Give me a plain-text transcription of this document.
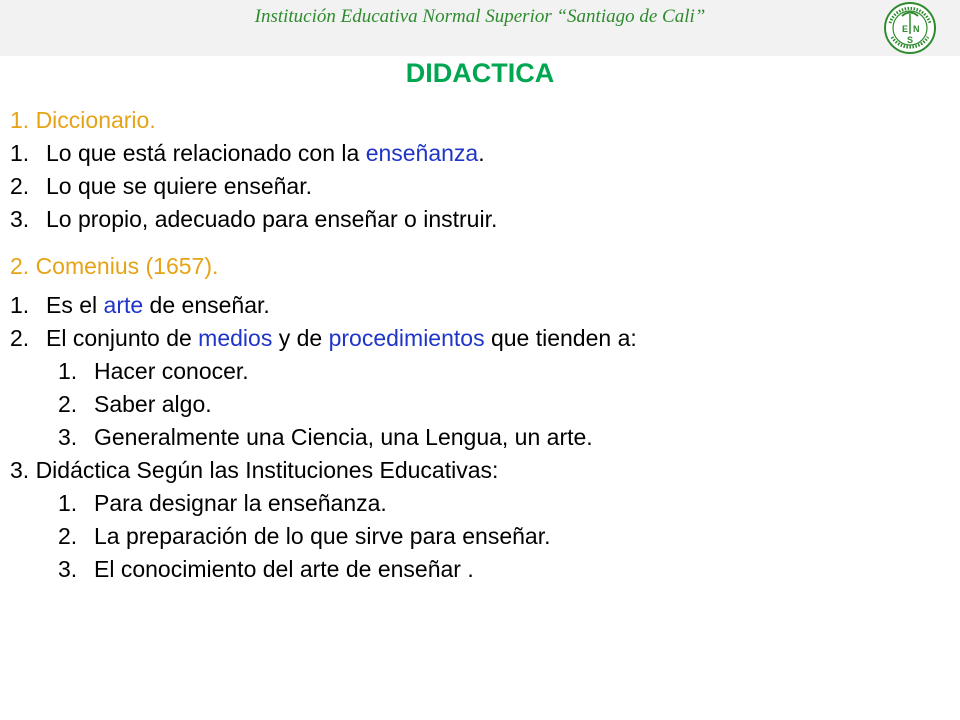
Institución Educativa Normal Superior “Santiago de Cali”
E N
S
DIDACTICA
1. Diccionario.
1. Lo que está relacionado con la enseñanza.
2. Lo que se quiere enseñar.
3. Lo propio, adecuado para enseñar o instruir.
2. Comenius (1657).
1. Es el arte de enseñar.
2. El conjunto de medios y de procedimientos que tienden a:
1. Hacer conocer.
2. Saber algo.
3. Generalmente una Ciencia, una Lengua, un arte.
3. Didáctica Según las Instituciones Educativas:
1. Para designar la enseñanza.
2. La preparación de lo que sirve para enseñar.
3. El conocimiento del arte de enseñar .
